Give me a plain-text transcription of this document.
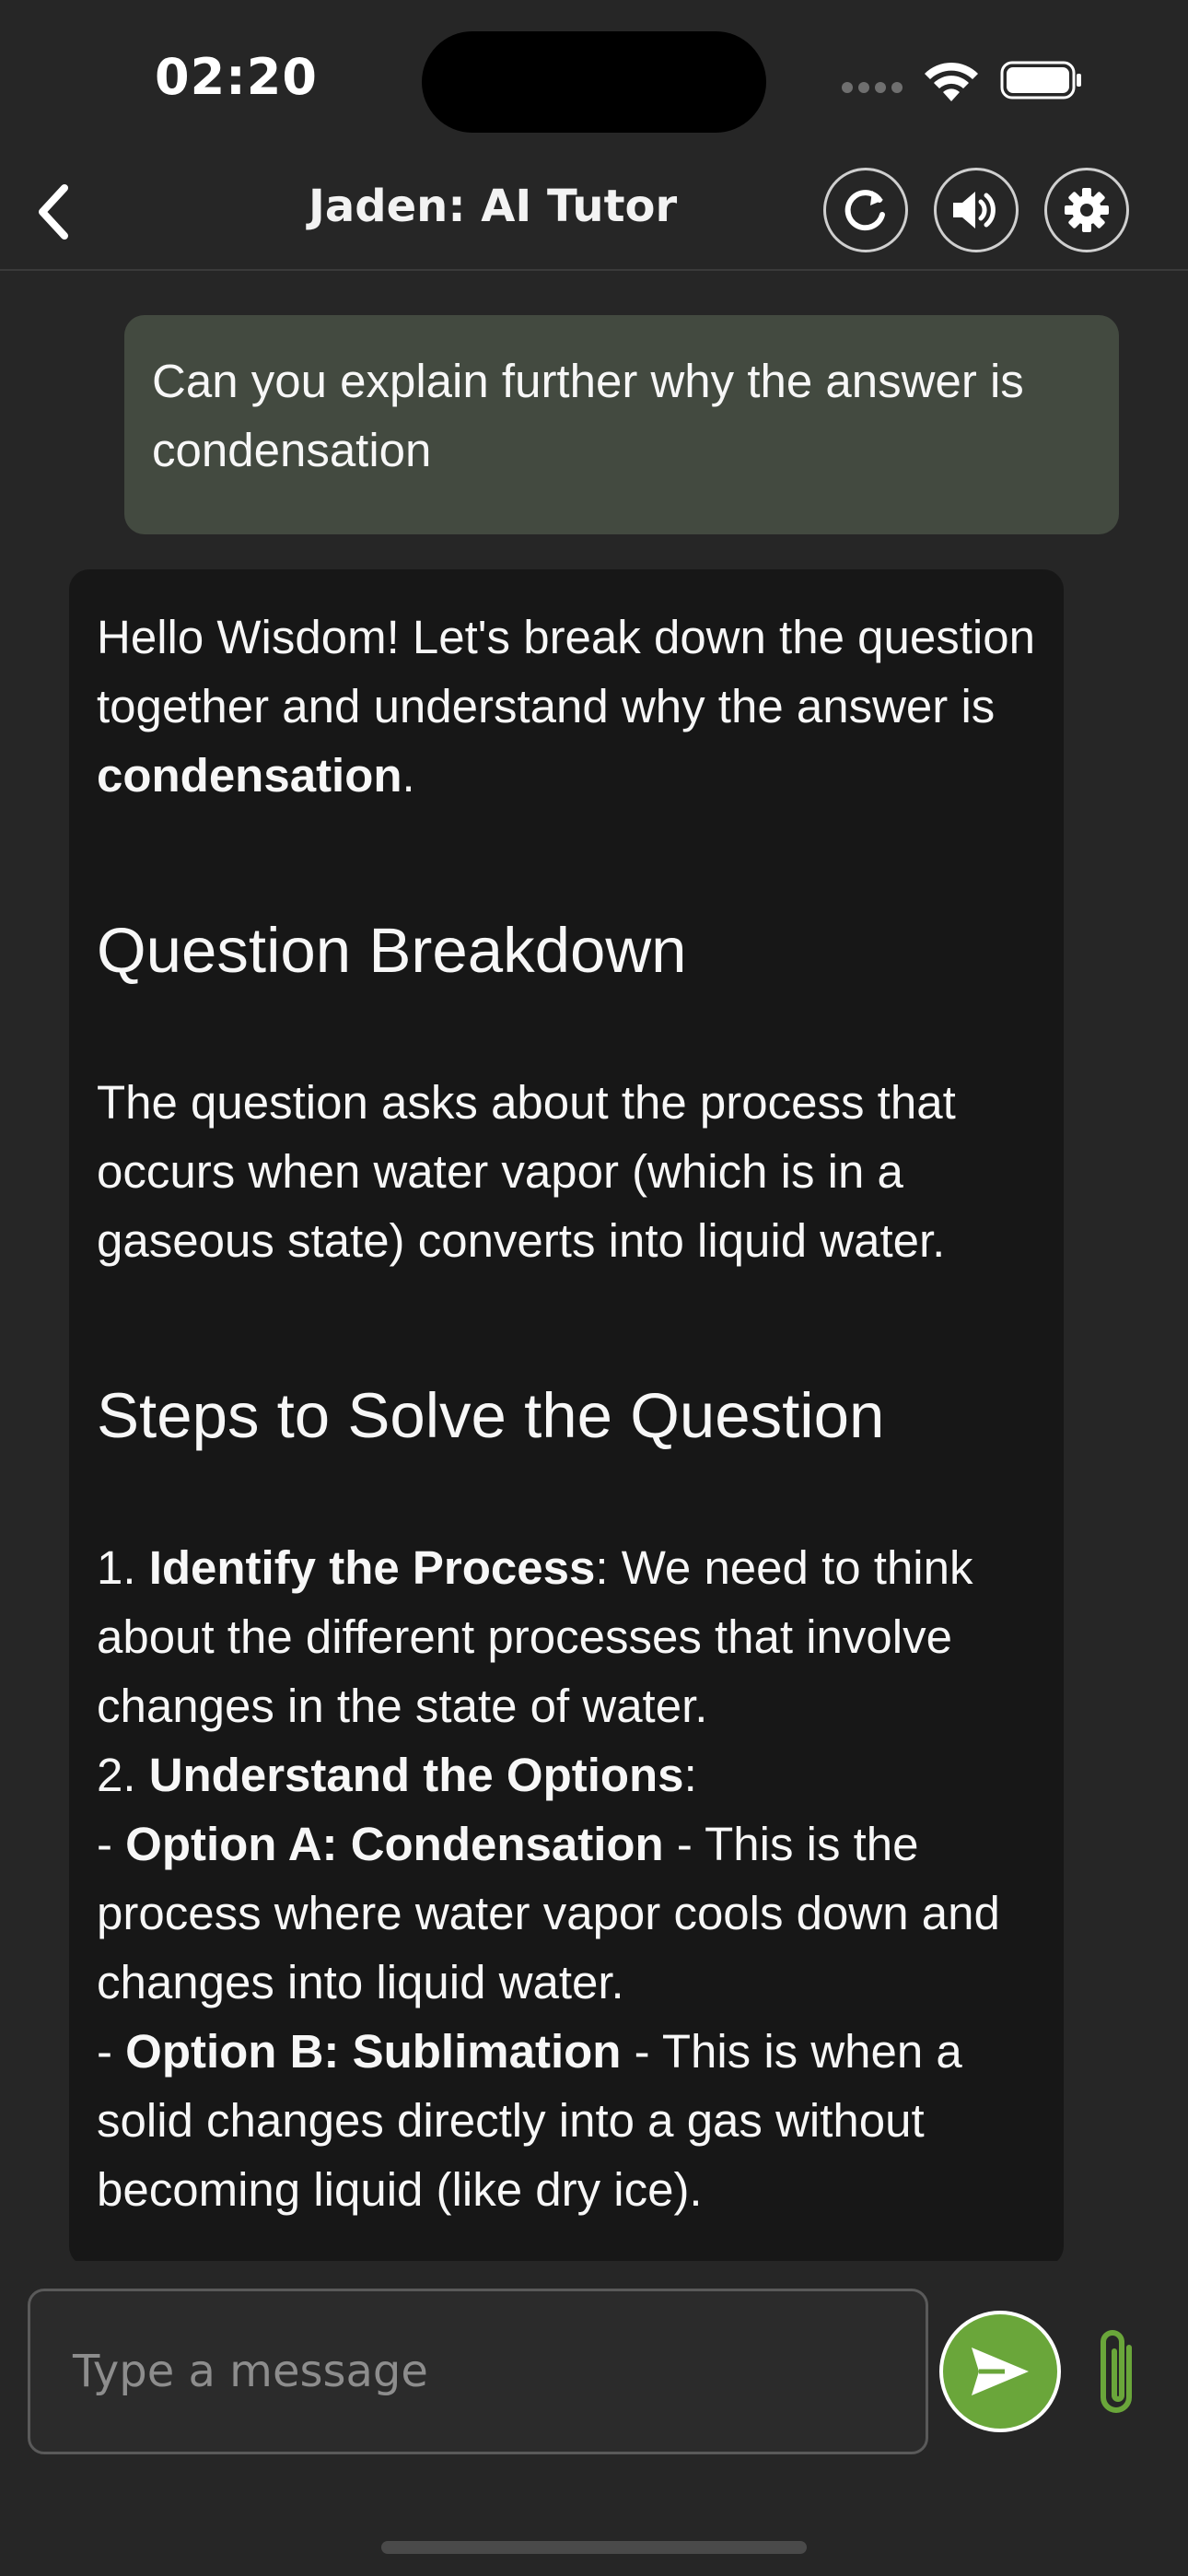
02:20
Jaden: AI Tutor
Can you explain further why the answer is condensation

Hello Wisdom! Let's break down the question together and understand why the answer is condensation.

Question Breakdown

The question asks about the process that occurs when water vapor (which is in a gaseous state) converts into liquid water.

Steps to Solve the Question

1. Identify the Process: We need to think about the different processes that involve changes in the state of water.

2. Understand the Options:

- Option A: Condensation - This is the process where water vapor cools down and changes into liquid water.

- Option B: Sublimation - This is when a solid changes directly into a gas without becoming liquid (like dry ice).

Type a message
